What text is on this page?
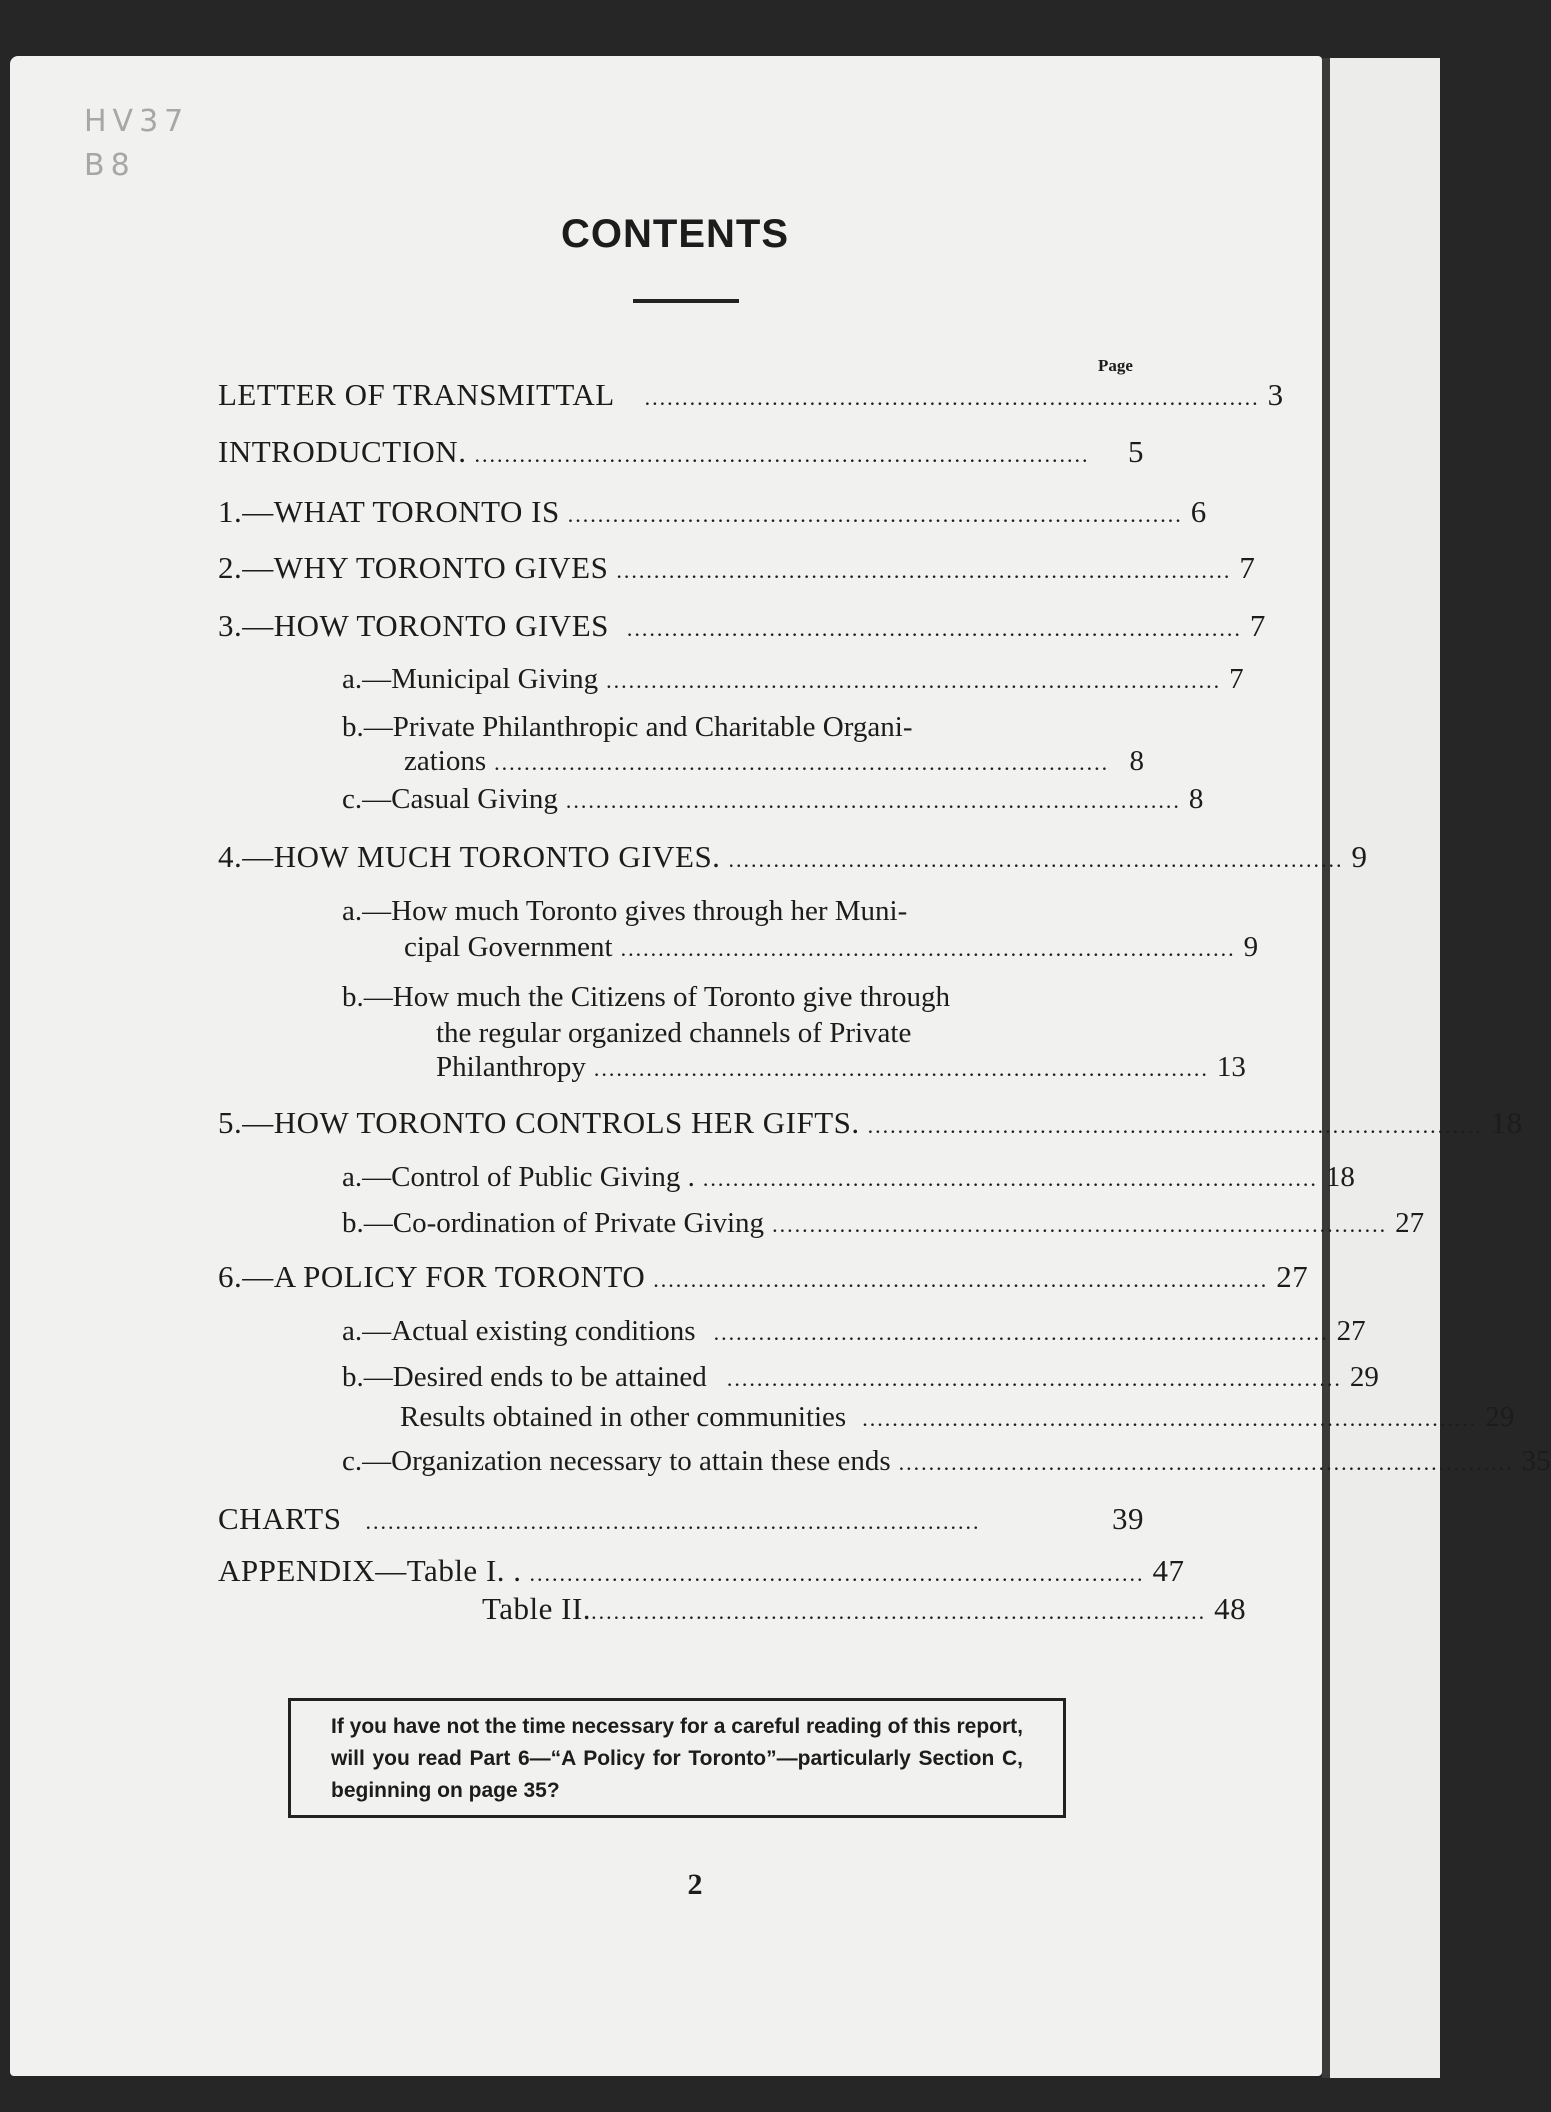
HV37
B8
CONTENTS
Page
LETTER OF TRANSMITTAL .................................................................................. 3
INTRODUCTION. ..................................................................................	5
1.—WHAT TORONTO IS .................................................................................. 6
2.—WHY TORONTO GIVES .................................................................................. 7
3.—HOW TORONTO GIVES .................................................................................. 7
a.—Municipal Giving .................................................................................. 7
b.—Private Philanthropic and Charitable Organi-
zations .................................................................................. 8
c.—Casual Giving .................................................................................. 8
4.—HOW MUCH TORONTO GIVES. .................................................................................. 9
a.—How much Toronto gives through her Muni-
cipal Government .................................................................................. 9
b.—How much the Citizens of Toronto give through
the regular organized channels of Private
Philanthropy .................................................................................. 13
5.—HOW TORONTO CONTROLS HER GIFTS. .................................................................................. 18
a.—Control of Public Giving . .................................................................................. 18
b.—Co-ordination of Private Giving .................................................................................. 27
6.—A POLICY FOR TORONTO .................................................................................. 27
a.—Actual existing conditions .................................................................................. 27
b.—Desired ends to be attained .................................................................................. 29
Results obtained in other communities .................................................................................. 29
c.—Organization necessary to attain these ends .................................................................................. 35
CHARTS ..................................................................................	39
APPENDIX—Table I. . .................................................................................. 47
Table II. .................................................................................. 48
If you have not the time necessary for a careful reading of this report, will you read Part 6—“A Policy for Toronto”—particularly Section C, beginning on page 35?
2
